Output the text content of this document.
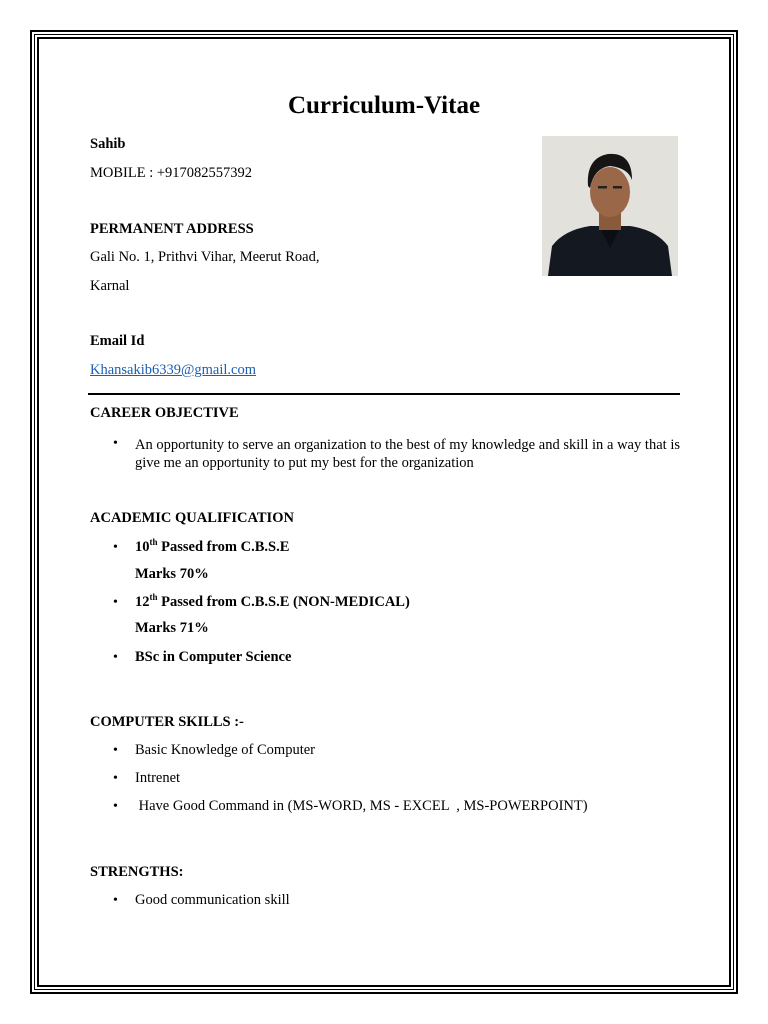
Curriculum-Vitae
Sahib
MOBILE : +917082557392
PERMANENT ADDRESS
Gali No. 1, Prithvi Vihar, Meerut Road,
Karnal
Email Id
Khansakib6339@gmail.com
CAREER OBJECTIVE
• An opportunity to serve an organization to the best of my knowledge and skill in a way that is give me an opportunity to put my best for the organization
ACADEMIC QUALIFICATION
• 10th Passed from C.B.S.E
Marks 70%
• 12th Passed from C.B.S.E (NON-MEDICAL)
Marks 71%
• BSc in Computer Science
COMPUTER SKILLS :-
• Basic Knowledge of Computer
• Intrenet
• Have Good Command in (MS-WORD, MS - EXCEL  , MS-POWERPOINT)
STRENGTHS:
• Good communication skill
